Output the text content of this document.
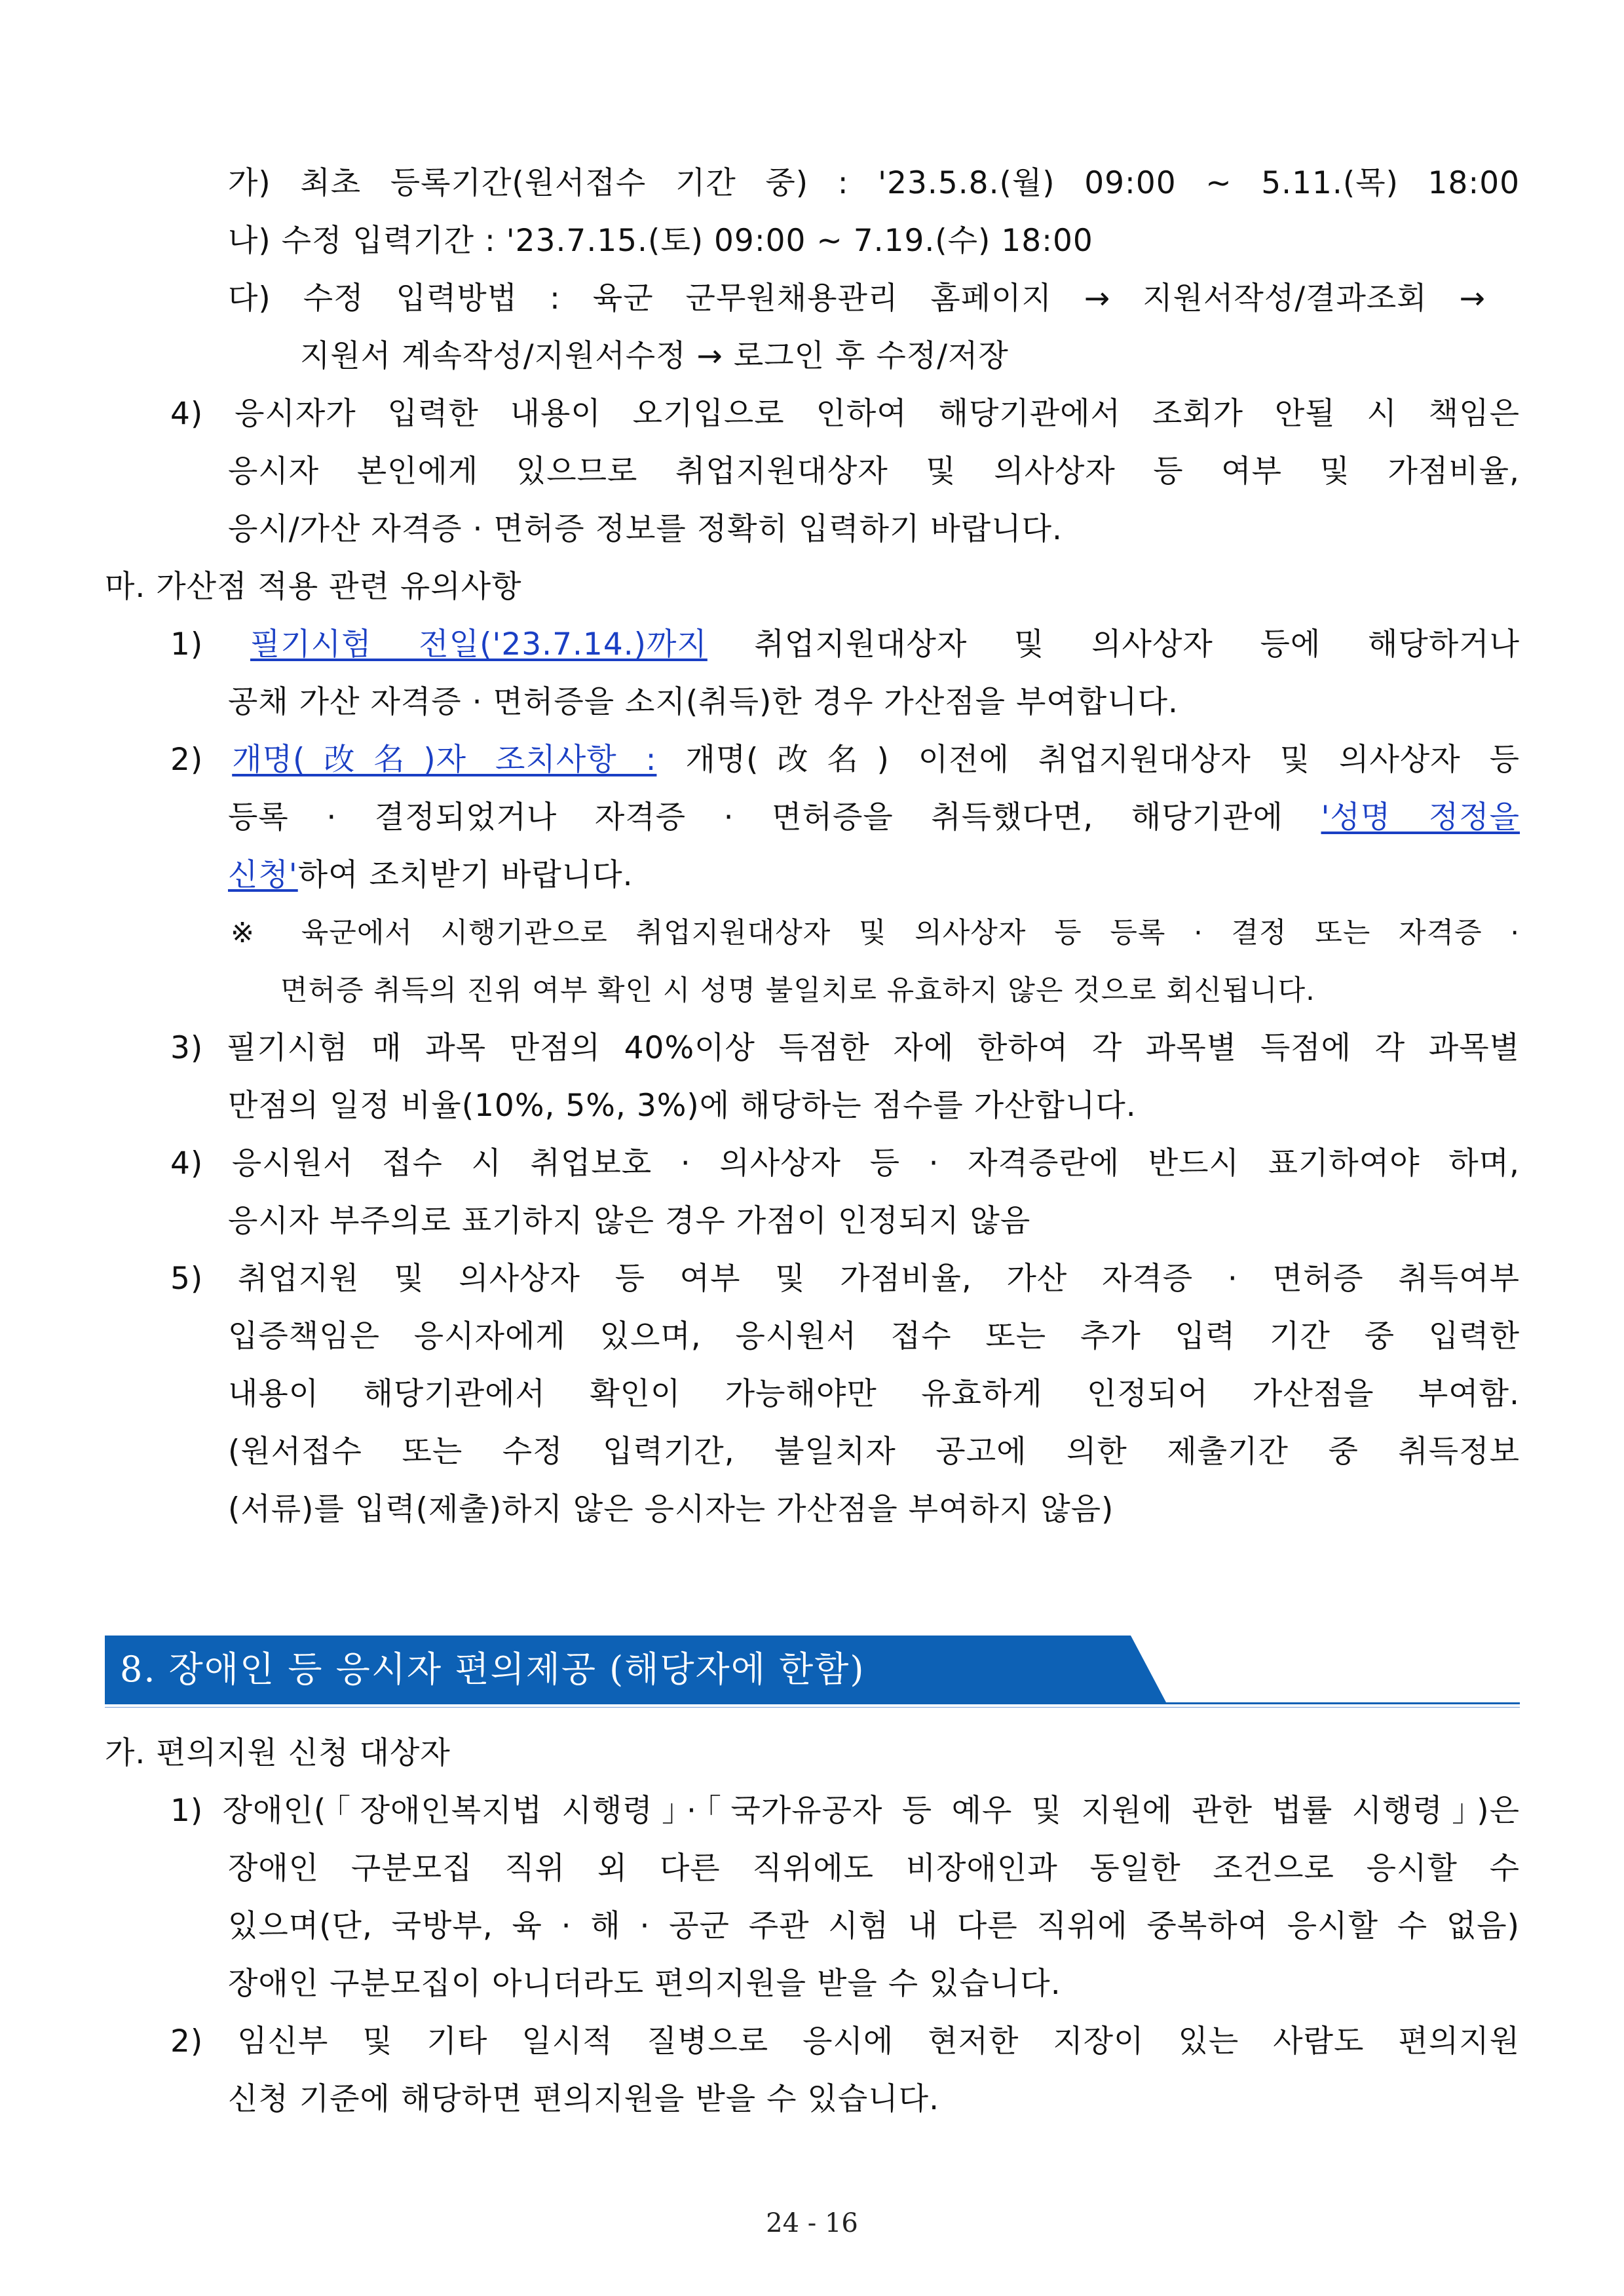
가) 최초 등록기간(원서접수 기간 중) : '23.5.8.(월) 09:00 ~ 5.11.(목) 18:00
나) 수정 입력기간 : '23.7.15.(토) 09:00 ~ 7.19.(수) 18:00
다) 수정 입력방법 : 육군 군무원채용관리 홈페이지 → 지원서작성/결과조회 →
지원서 계속작성/지원서수정 → 로그인 후 수정/저장
4) 응시자가 입력한 내용이 오기입으로 인하여 해당기관에서 조회가 안될 시 책임은
응시자 본인에게 있으므로 취업지원대상자 및 의사상자 등 여부 및 가점비율,
응시/가산 자격증 · 면허증 정보를 정확히 입력하기 바랍니다.
마. 가산점 적용 관련 유의사항
1) 필기시험 전일('23.7.14.)까지 취업지원대상자 및 의사상자 등에 해당하거나
공채 가산 자격증 · 면허증을 소지(취득)한 경우 가산점을 부여합니다.
2) 개명(改名)자 조치사항 : 개명(改名) 이전에 취업지원대상자 및 의사상자 등
등록 · 결정되었거나 자격증 · 면허증을 취득했다면, 해당기관에 '성명 정정을
신청'하여 조치받기 바랍니다.
※ 육군에서 시행기관으로 취업지원대상자 및 의사상자 등 등록 · 결정 또는 자격증 ·
면허증 취득의 진위 여부 확인 시 성명 불일치로 유효하지 않은 것으로 회신됩니다.
3) 필기시험 매 과목 만점의 40%이상 득점한 자에 한하여 각 과목별 득점에 각 과목별
만점의 일정 비율(10%, 5%, 3%)에 해당하는 점수를 가산합니다.
4) 응시원서 접수 시 취업보호 · 의사상자 등 · 자격증란에 반드시 표기하여야 하며,
응시자 부주의로 표기하지 않은 경우 가점이 인정되지 않음
5) 취업지원 및 의사상자 등 여부 및 가점비율, 가산 자격증 · 면허증 취득여부
입증책임은 응시자에게 있으며, 응시원서 접수 또는 추가 입력 기간 중 입력한
내용이 해당기관에서 확인이 가능해야만 유효하게 인정되어 가산점을 부여함.
(원서접수 또는 수정 입력기간, 불일치자 공고에 의한 제출기간 중 취득정보
(서류)를 입력(제출)하지 않은 응시자는 가산점을 부여하지 않음)
8. 장애인 등 응시자 편의제공 (해당자에 한함)
가. 편의지원 신청 대상자
1) 장애인(「장애인복지법 시행령」·「국가유공자 등 예우 및 지원에 관한 법률 시행령」)은
장애인 구분모집 직위 외 다른 직위에도 비장애인과 동일한 조건으로 응시할 수
있으며(단, 국방부, 육 · 해 · 공군 주관 시험 내 다른 직위에 중복하여 응시할 수 없음)
장애인 구분모집이 아니더라도 편의지원을 받을 수 있습니다.
2) 임신부 및 기타 일시적 질병으로 응시에 현저한 지장이 있는 사람도 편의지원
신청 기준에 해당하면 편의지원을 받을 수 있습니다.
24 - 16
